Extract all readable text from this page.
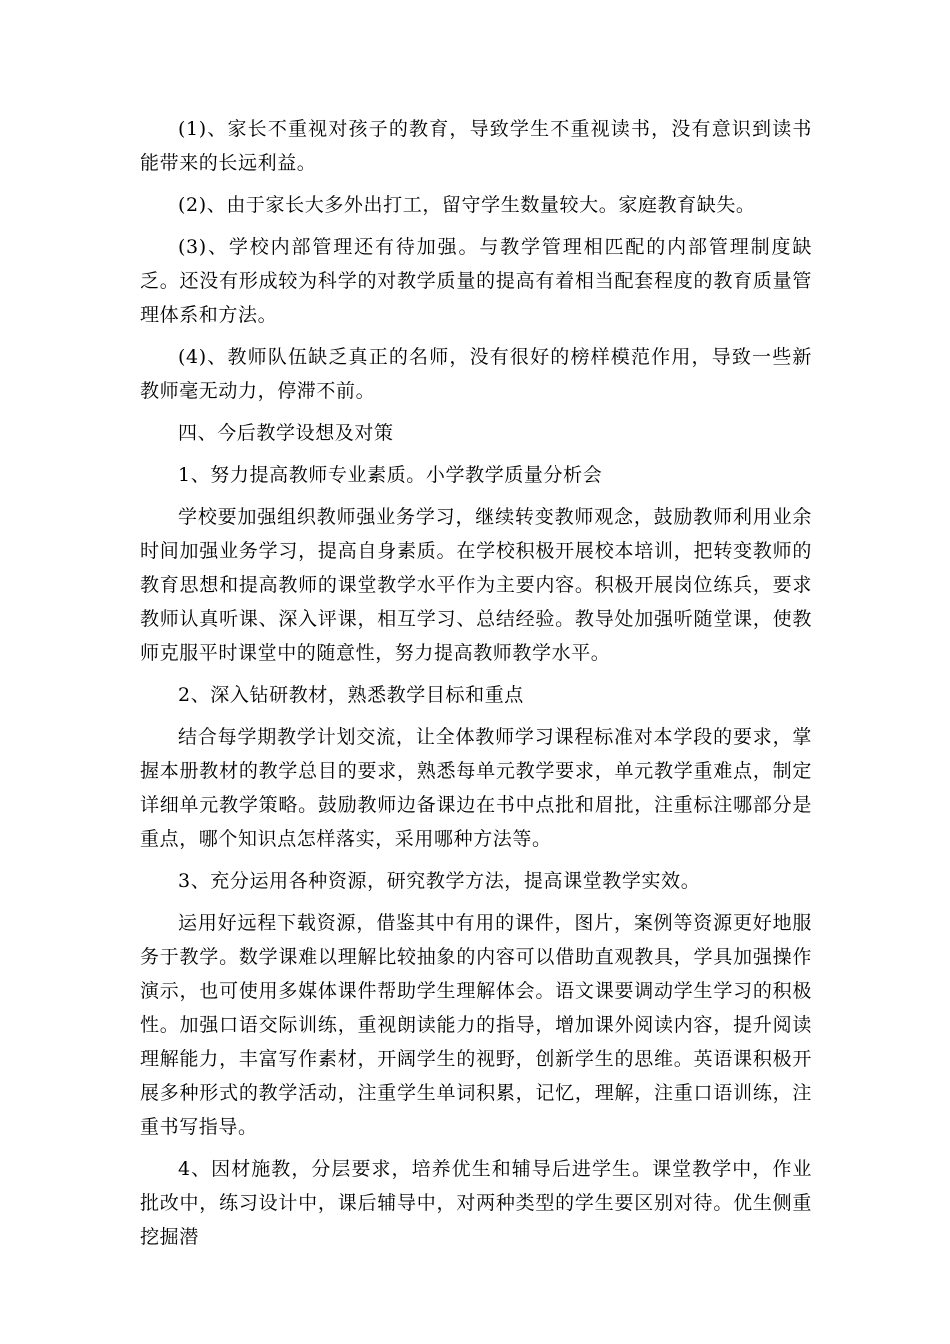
(1)、家长不重视对孩子的教育，导致学生不重视读书，没有意识到读书能带来的长远利益。

(2)、由于家长大多外出打工，留守学生数量较大。家庭教育缺失。

(3)、学校内部管理还有待加强。与教学管理相匹配的内部管理制度缺乏。还没有形成较为科学的对教学质量的提高有着相当配套程度的教育质量管理体系和方法。

(4)、教师队伍缺乏真正的名师，没有很好的榜样模范作用，导致一些新教师毫无动力，停滞不前。

四、今后教学设想及对策

1、努力提高教师专业素质。小学教学质量分析会

学校要加强组织教师强业务学习，继续转变教师观念，鼓励教师利用业余时间加强业务学习，提高自身素质。在学校积极开展校本培训，把转变教师的教育思想和提高教师的课堂教学水平作为主要内容。积极开展岗位练兵，要求教师认真听课、深入评课，相互学习、总结经验。教导处加强听随堂课，使教师克服平时课堂中的随意性，努力提高教师教学水平。

2、深入钻研教材，熟悉教学目标和重点

结合每学期教学计划交流，让全体教师学习课程标准对本学段的要求，掌握本册教材的教学总目的要求，熟悉每单元教学要求，单元教学重难点，制定详细单元教学策略。鼓励教师边备课边在书中点批和眉批，注重标注哪部分是重点，哪个知识点怎样落实，采用哪种方法等。

3、充分运用各种资源，研究教学方法，提高课堂教学实效。

运用好远程下载资源，借鉴其中有用的课件，图片，案例等资源更好地服务于教学。数学课难以理解比较抽象的内容可以借助直观教具，学具加强操作演示，也可使用多媒体课件帮助学生理解体会。语文课要调动学生学习的积极性。加强口语交际训练，重视朗读能力的指导，增加课外阅读内容，提升阅读理解能力，丰富写作素材，开阔学生的视野，创新学生的思维。英语课积极开展多种形式的教学活动，注重学生单词积累，记忆，理解，注重口语训练，注重书写指导。

4、因材施教，分层要求，培养优生和辅导后进学生。课堂教学中，作业批改中，练习设计中，课后辅导中，对两种类型的学生要区别对待。优生侧重挖掘潜
